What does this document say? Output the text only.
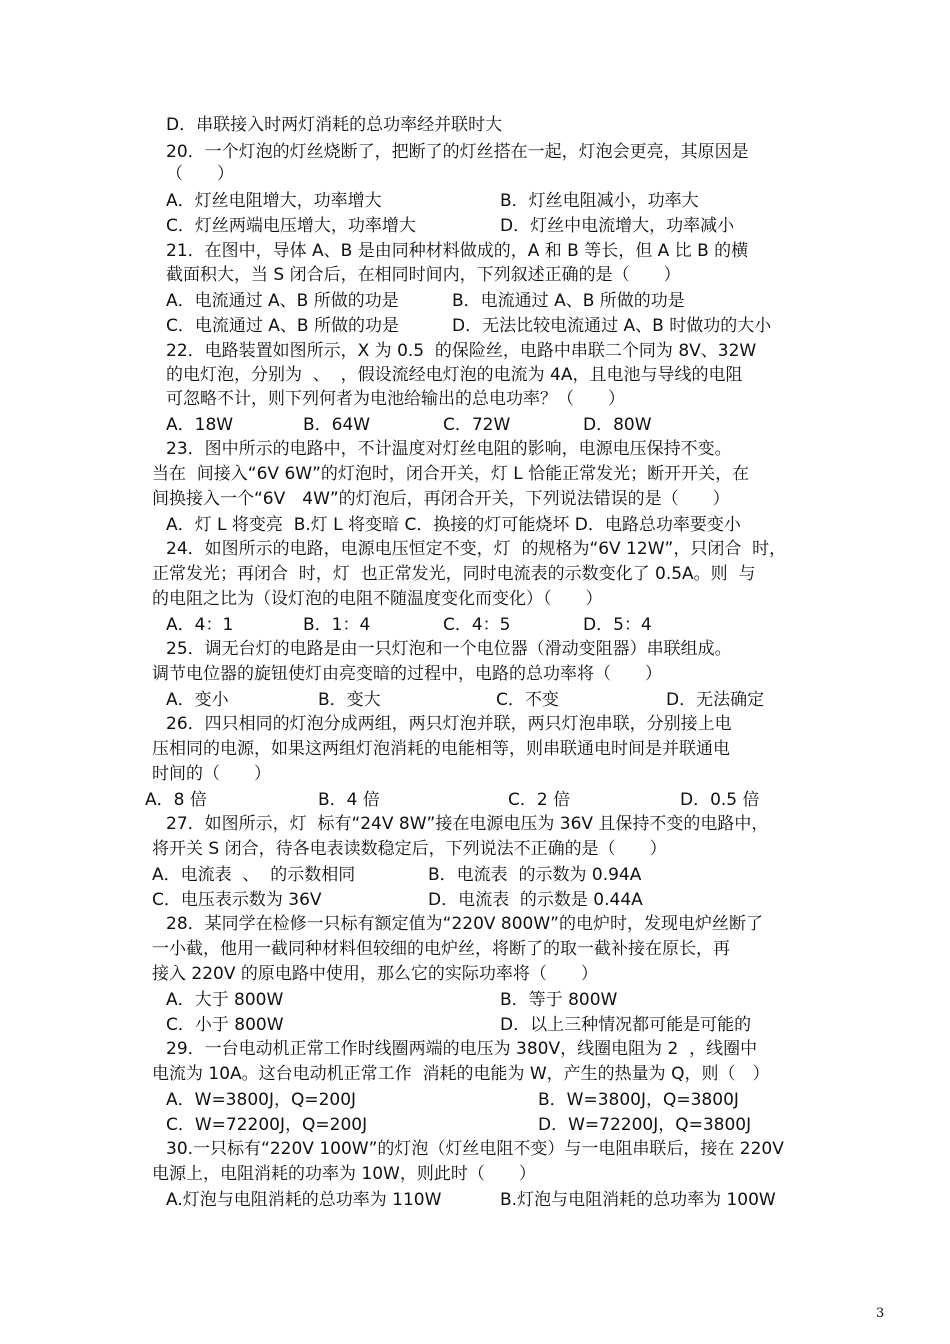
D．串联接入时两灯消耗的总功率经并联时大
20．一个灯泡的灯丝烧断了，把断了的灯丝搭在一起，灯泡会更亮，其原因是
（　　）
A．灯丝电阻增大，功率增大	B．灯丝电阻减小，功率大
C．灯丝两端电压增大，功率增大	D．灯丝中电流增大，功率减小
21．在图中，导体 A、B 是由同种材料做成的，A 和 B 等长，但 A 比 B 的横
截面积大，当 S 闭合后，在相同时间内，下列叙述正确的是（　　）
A．电流通过 A、B 所做的功是	B．电流通过 A、B 所做的功是
C．电流通过 A、B 所做的功是	D．无法比较电流通过 A、B 时做功的大小
22．电路装置如图所示，X 为 0.5  的保险丝，电路中串联二个同为 8V、32W
的电灯泡，分别为  、  ，假设流经电灯泡的电流为 4A，且电池与导线的电阻
可忽略不计，则下列何者为电池给输出的总电功率？（　　）
A．18W	B．64W	C．72W	D．80W
23．图中所示的电路中，不计温度对灯丝电阻的影响，电源电压保持不变。
当在  间接入“6V 6W”的灯泡时，闭合开关，灯 L 恰能正常发光；断开开关，在
间换接入一个“6V　4W”的灯泡后，再闭合开关，下列说法错误的是（　　）
A．灯 L 将变亮  B.灯 L 将变暗 C．换接的灯可能烧坏 D．电路总功率要变小
24．如图所示的电路，电源电压恒定不变，灯  的规格为“6V 12W”，只闭合  时，
正常发光；再闭合  时，灯  也正常发光，同时电流表的示数变化了 0.5A。则  与
的电阻之比为（设灯泡的电阻不随温度变化而变化）（　　）
A．4：1	B．1：4	C．4：5	D．5：4
25．调无台灯的电路是由一只灯泡和一个电位器（滑动变阻器）串联组成。
调节电位器的旋钮使灯由亮变暗的过程中，电路的总功率将（　　）
A．变小	B．变大	C．不变	D．无法确定
26．四只相同的灯泡分成两组，两只灯泡并联，两只灯泡串联，分别接上电
压相同的电源，如果这两组灯泡消耗的电能相等，则串联通电时间是并联通电
时间的（　　）
A．8 倍	B．4 倍	C．2 倍	D．0.5 倍
27．如图所示，灯  标有“24V 8W”接在电源电压为 36V 且保持不变的电路中，
将开关 S 闭合，待各电表读数稳定后，下列说法不正确的是（　　）
A．电流表  、  的示数相同	B．电流表  的示数为 0.94A
C．电压表示数为 36V	D．电流表  的示数是 0.44A
28．某同学在检修一只标有额定值为“220V 800W”的电炉时，发现电炉丝断了
一小截，他用一截同种材料但较细的电炉丝，将断了的取一截补接在原长，再
接入 220V 的原电路中使用，那么它的实际功率将（　　）
A．大于 800W	B．等于 800W
C．小于 800W	D．以上三种情况都可能是可能的
29．一台电动机正常工作时线圈两端的电压为 380V，线圈电阻为 2  ，线圈中
电流为 10A。这台电动机正常工作  消耗的电能为 W，产生的热量为 Q，则（　）
A．W=3800J，Q=200J	B．W=3800J，Q=3800J
C．W=72200J，Q=200J	D．W=72200J，Q=3800J
30.一只标有“220V 100W”的灯泡（灯丝电阻不变）与一电阻串联后，接在 220V
电源上，电阻消耗的功率为 10W，则此时（　　）
A.灯泡与电阻消耗的总功率为 110W	B.灯泡与电阻消耗的总功率为 100W
3
